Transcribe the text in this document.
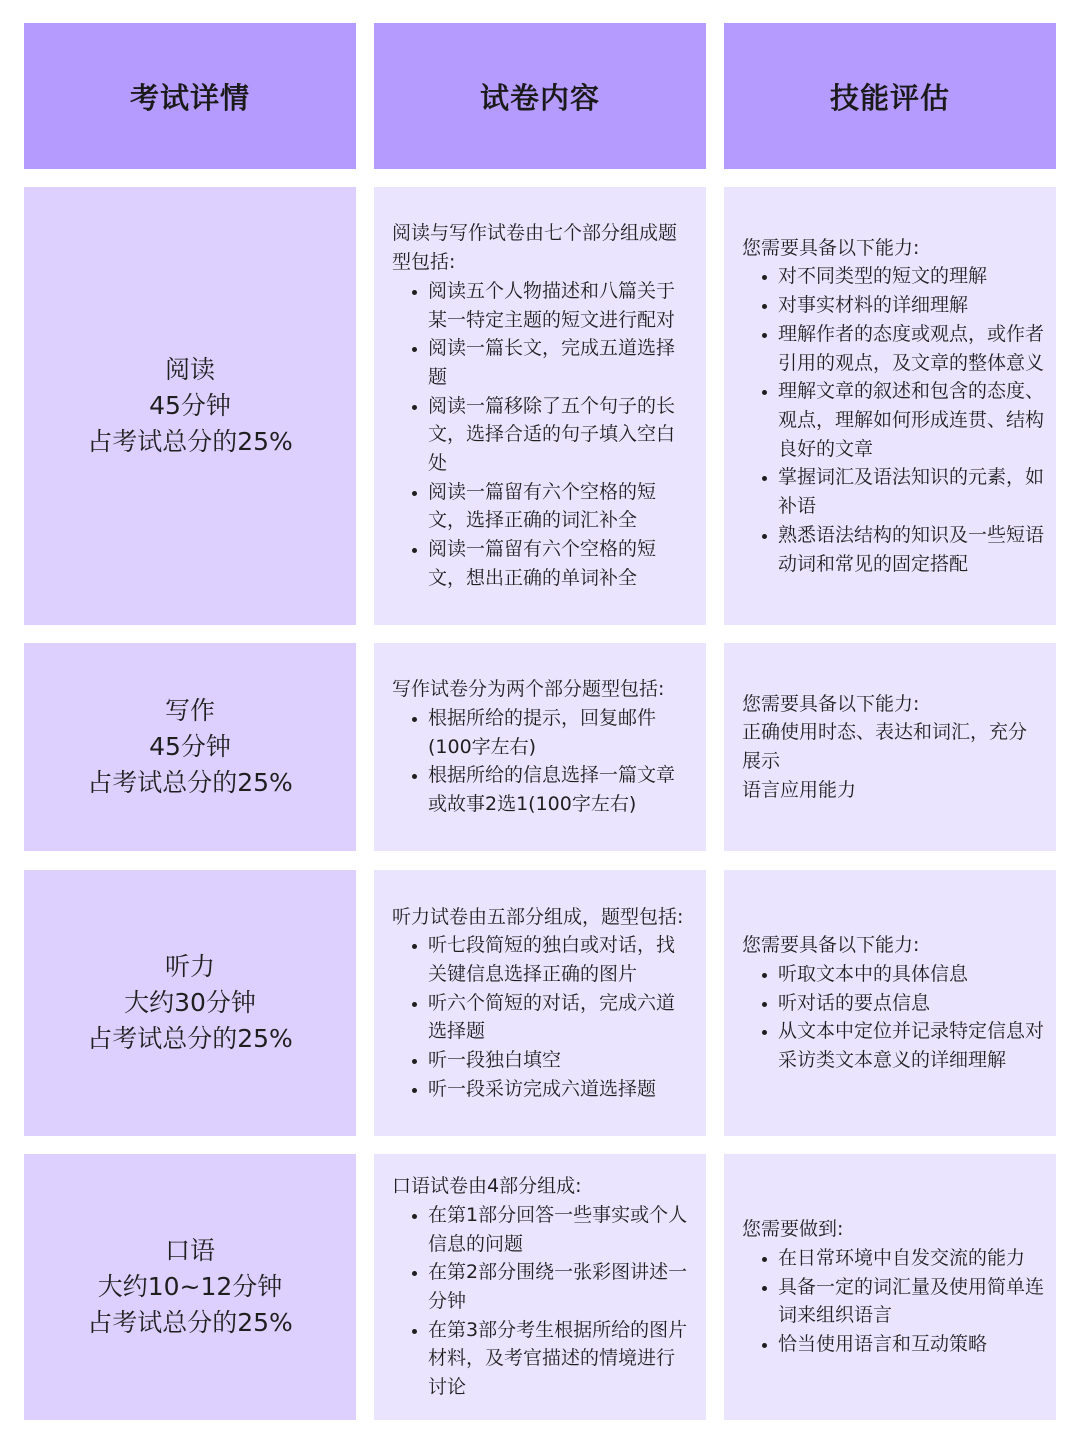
考试详情	试卷内容	技能评估
阅读
45分钟
占考试总分的25%
阅读与写作试卷由七个部分组成题型包括:
• 阅读五个人物描述和八篇关于某一特定主题的短文进行配对
• 阅读一篇长文，完成五道选择题
• 阅读一篇移除了五个句子的长文，选择合适的句子填入空白处
• 阅读一篇留有六个空格的短文，选择正确的词汇补全
• 阅读一篇留有六个空格的短文，想出正确的单词补全
您需要具备以下能力:
• 对不同类型的短文的理解
• 对事实材料的详细理解
• 理解作者的态度或观点，或作者引用的观点，及文章的整体意义
• 理解文章的叙述和包含的态度、观点，理解如何形成连贯、结构良好的文章
• 掌握词汇及语法知识的元素，如补语
• 熟悉语法结构的知识及一些短语动词和常见的固定搭配
写作
45分钟
占考试总分的25%
写作试卷分为两个部分题型包括:
• 根据所给的提示，回复邮件(100字左右)
• 根据所给的信息选择一篇文章或故事2选1(100字左右)
您需要具备以下能力:
正确使用时态、表达和词汇，充分展示
语言应用能力
听力
大约30分钟
占考试总分的25%
听力试卷由五部分组成，题型包括:
• 听七段简短的独白或对话，找关键信息选择正确的图片
• 听六个简短的对话，完成六道选择题
• 听一段独白填空
• 听一段采访完成六道选择题
您需要具备以下能力:
• 听取文本中的具体信息
• 听对话的要点信息
• 从文本中定位并记录特定信息对采访类文本意义的详细理解
口语
大约10~12分钟
占考试总分的25%
口语试卷由4部分组成:
• 在第1部分回答一些事实或个人信息的问题
• 在第2部分围绕一张彩图讲述一分钟
• 在第3部分考生根据所给的图片材料，及考官描述的情境进行讨论
您需要做到:
• 在日常环境中自发交流的能力
• 具备一定的词汇量及使用简单连词来组织语言
• 恰当使用语言和互动策略
